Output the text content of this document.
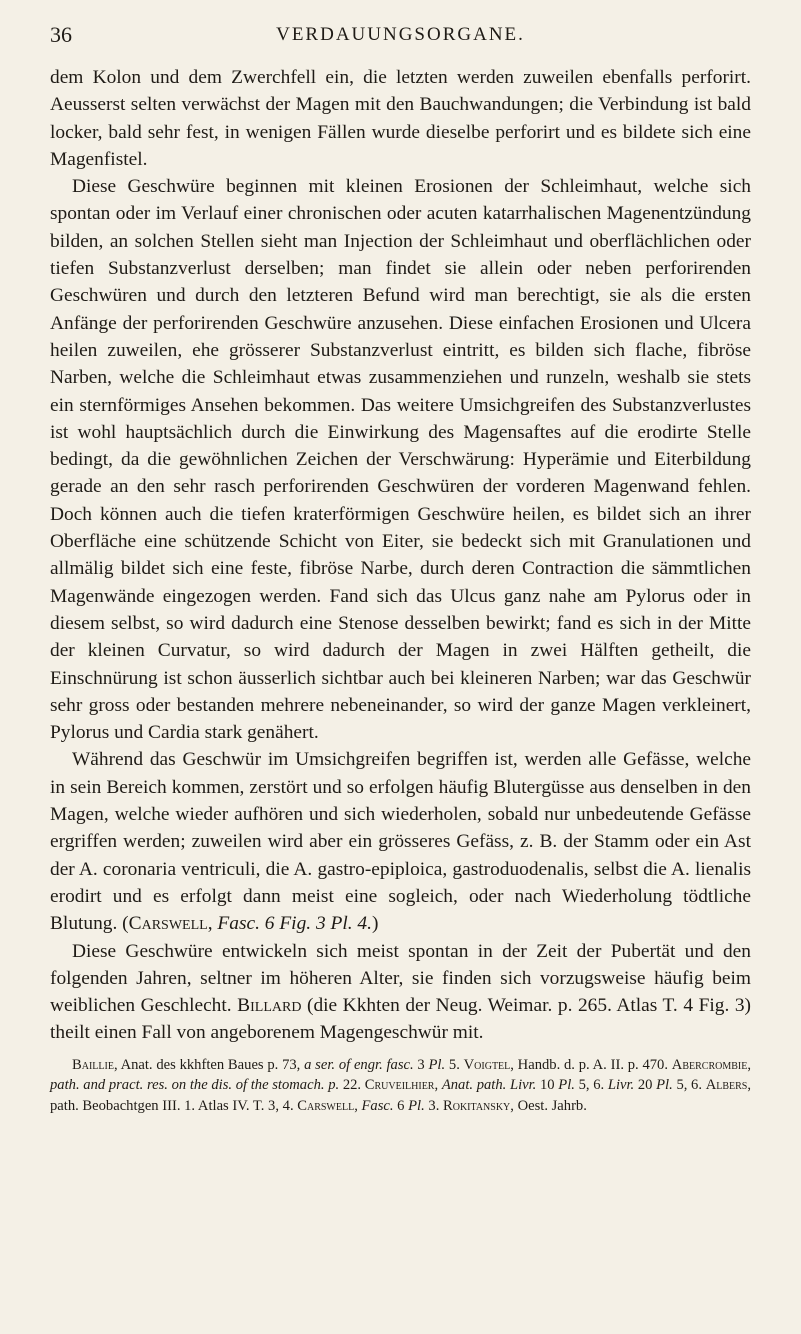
36	VERDAUUNGSORGANE.

dem Kolon und dem Zwerchfell ein, die letzten werden zuweilen ebenfalls perforirt. Aeusserst selten verwächst der Magen mit den Bauchwandungen; die Verbindung ist bald locker, bald sehr fest, in wenigen Fällen wurde dieselbe perforirt und es bildete sich eine Magenfistel.

Diese Geschwüre beginnen mit kleinen Erosionen der Schleimhaut, welche sich spontan oder im Verlauf einer chronischen oder acuten katarrhalischen Magenentzündung bilden, an solchen Stellen sieht man Injection der Schleimhaut und oberflächlichen oder tiefen Substanzverlust derselben; man findet sie allein oder neben perforirenden Geschwüren und durch den letzteren Befund wird man berechtigt, sie als die ersten Anfänge der perforirenden Geschwüre anzusehen. Diese einfachen Erosionen und Ulcera heilen zuweilen, ehe grösserer Substanzverlust eintritt, es bilden sich flache, fibröse Narben, welche die Schleimhaut etwas zusammenziehen und runzeln, weshalb sie stets ein sternförmiges Ansehen bekommen. Das weitere Umsichgreifen des Substanzverlustes ist wohl hauptsächlich durch die Einwirkung des Magensaftes auf die erodirte Stelle bedingt, da die gewöhnlichen Zeichen der Verschwärung: Hyperämie und Eiterbildung gerade an den sehr rasch perforirenden Geschwüren der vorderen Magenwand fehlen. Doch können auch die tiefen kraterförmigen Geschwüre heilen, es bildet sich an ihrer Oberfläche eine schützende Schicht von Eiter, sie bedeckt sich mit Granulationen und allmälig bildet sich eine feste, fibröse Narbe, durch deren Contraction die sämmtlichen Magenwände eingezogen werden. Fand sich das Ulcus ganz nahe am Pylorus oder in diesem selbst, so wird dadurch eine Stenose desselben bewirkt; fand es sich in der Mitte der kleinen Curvatur, so wird dadurch der Magen in zwei Hälften getheilt, die Einschnürung ist schon äusserlich sichtbar auch bei kleineren Narben; war das Geschwür sehr gross oder bestanden mehrere nebeneinander, so wird der ganze Magen verkleinert, Pylorus und Cardia stark genähert.

Während das Geschwür im Umsichgreifen begriffen ist, werden alle Gefässe, welche in sein Bereich kommen, zerstört und so erfolgen häufig Blutergüsse aus denselben in den Magen, welche wieder aufhören und sich wiederholen, sobald nur unbedeutende Gefässe ergriffen werden; zuweilen wird aber ein grösseres Gefäss, z. B. der Stamm oder ein Ast der A. coronaria ventriculi, die A. gastro-epiploica, gastroduodenalis, selbst die A. lienalis erodirt und es erfolgt dann meist eine sogleich, oder nach Wiederholung tödtliche Blutung. (Carswell, Fasc. 6 Fig. 3 Pl. 4.)

Diese Geschwüre entwickeln sich meist spontan in der Zeit der Pubertät und den folgenden Jahren, seltner im höheren Alter, sie finden sich vorzugsweise häufig beim weiblichen Geschlecht. Billard (die Kkhten der Neug. Weimar. p. 265. Atlas T. 4 Fig. 3) theilt einen Fall von angeborenem Magengeschwür mit.

Baillie, Anat. des kkhften Baues p. 73, a ser. of engr. fasc. 3 Pl. 5. Voigtel, Handb. d. p. A. II. p. 470. Abercrombie, path. and pract. res. on the dis. of the stomach. p. 22. Cruveilhier, Anat. path. Livr. 10 Pl. 5, 6. Livr. 20 Pl. 5, 6. Albers, path. Beobachtgen III. 1. Atlas IV. T. 3, 4. Carswell, Fasc. 6 Pl. 3. Rokitansky, Oest. Jahrb.
